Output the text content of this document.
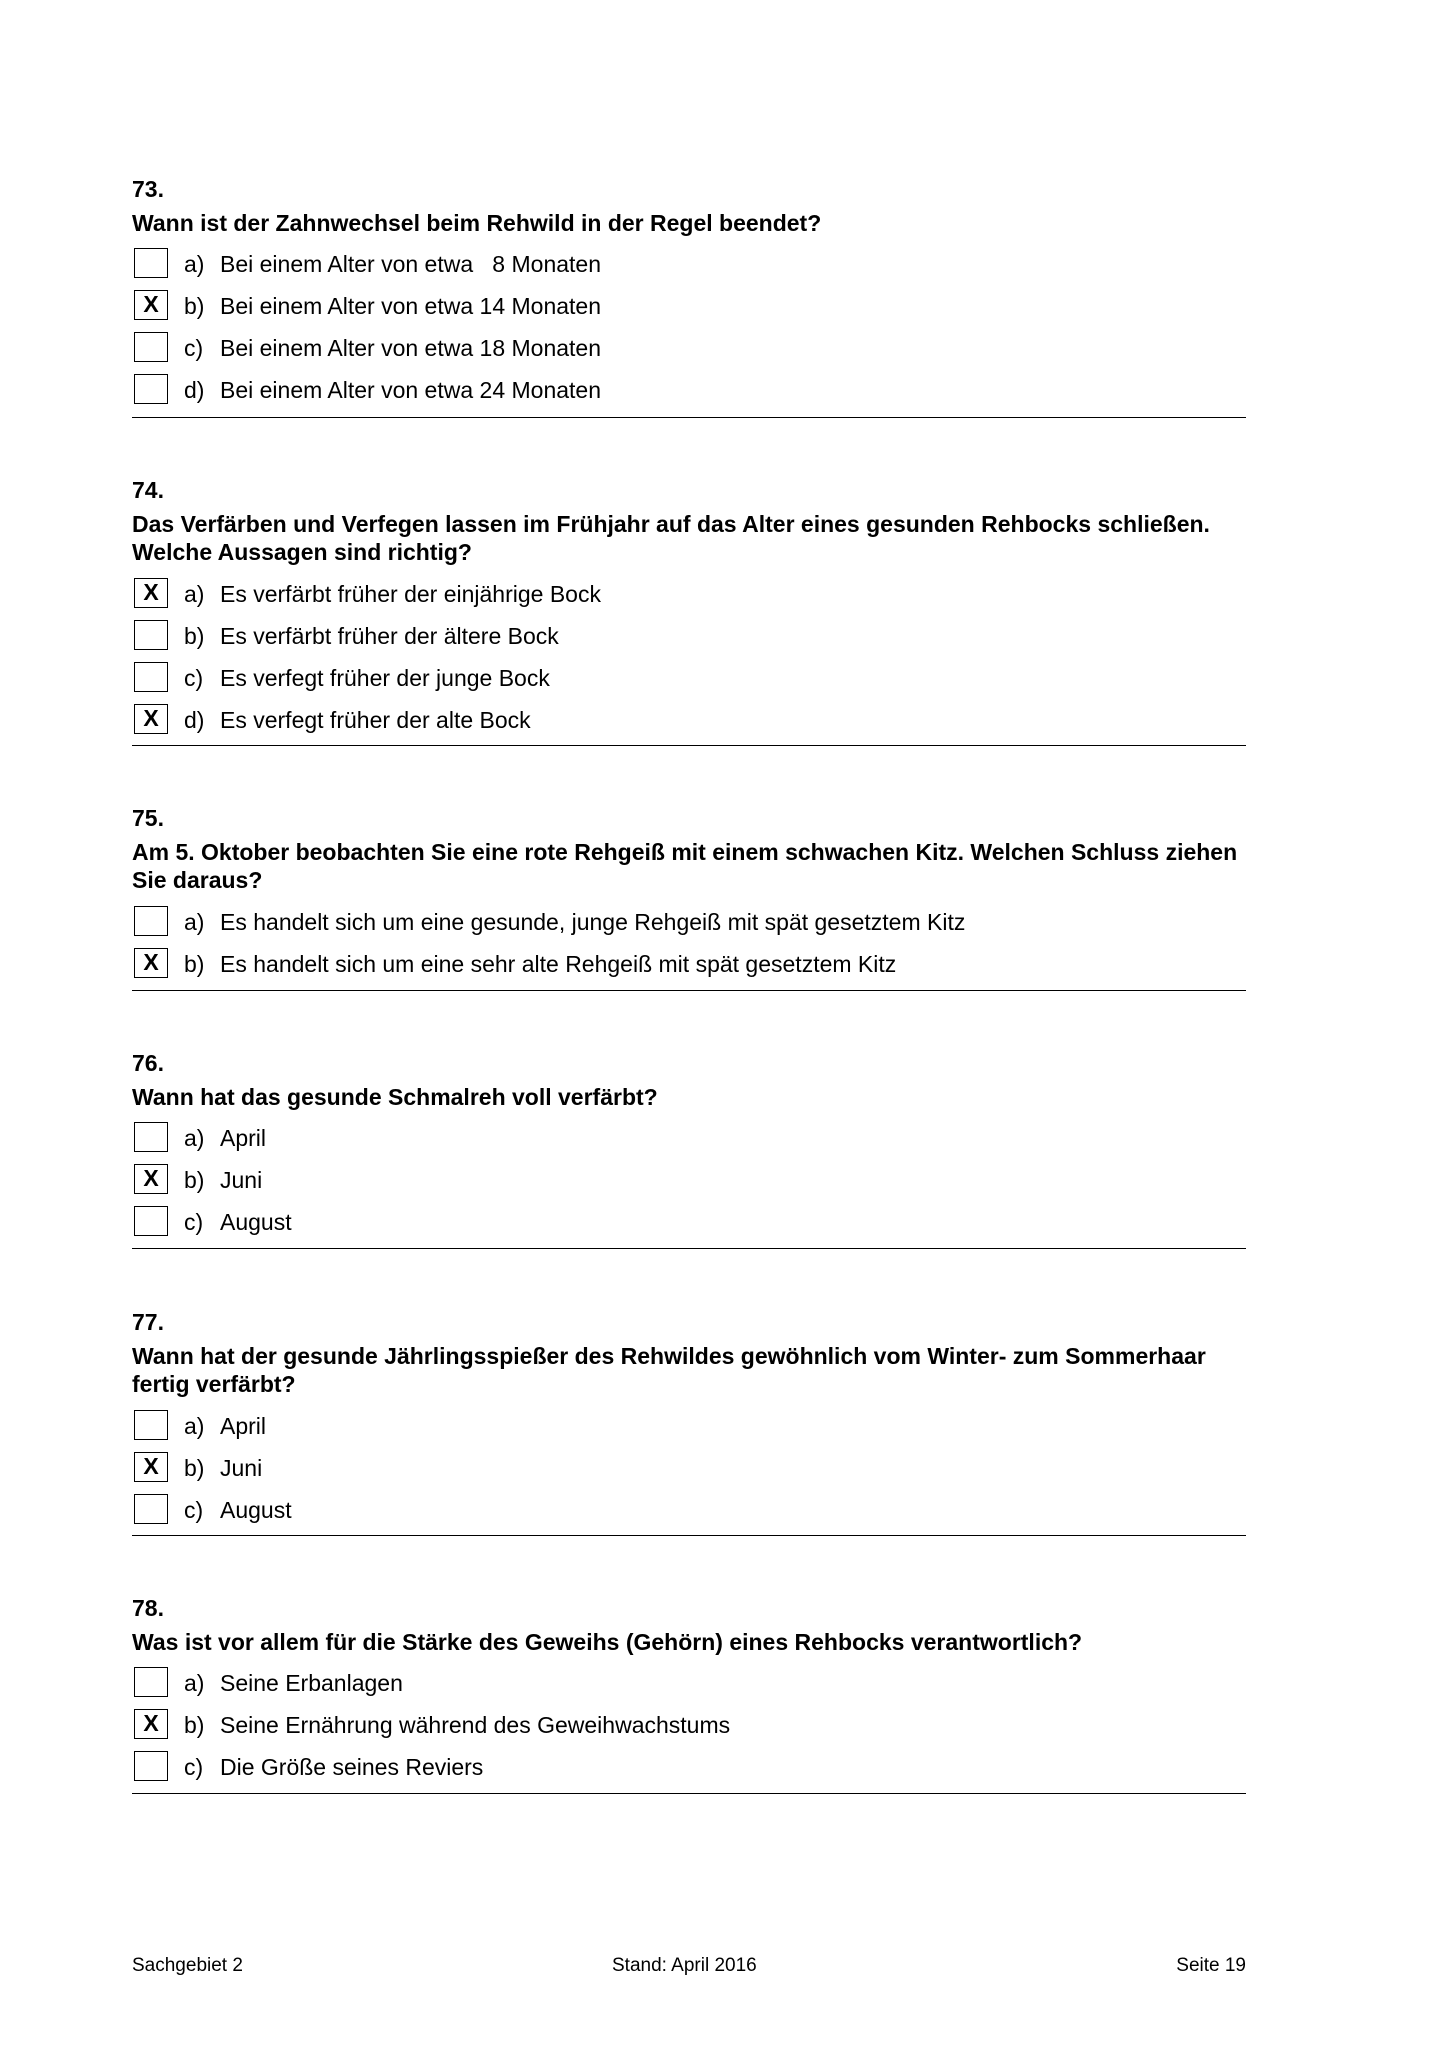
73.
Wann ist der Zahnwechsel beim Rehwild in der Regel beendet?
a) Bei einem Alter von etwa   8 Monaten
X	b) Bei einem Alter von etwa 14 Monaten
c) Bei einem Alter von etwa 18 Monaten
d) Bei einem Alter von etwa 24 Monaten
74.
Das Verfärben und Verfegen lassen im Frühjahr auf das Alter eines gesunden Rehbocks schließen. Welche Aussagen sind richtig?
X	a) Es verfärbt früher der einjährige Bock
b) Es verfärbt früher der ältere Bock
c) Es verfegt früher der junge Bock
X	d) Es verfegt früher der alte Bock
75.
Am 5. Oktober beobachten Sie eine rote Rehgeiß mit einem schwachen Kitz. Welchen Schluss ziehen Sie daraus?
a) Es handelt sich um eine gesunde, junge Rehgeiß mit spät gesetztem Kitz
X	b) Es handelt sich um eine sehr alte Rehgeiß mit spät gesetztem Kitz
76.
Wann hat das gesunde Schmalreh voll verfärbt?
a) April
X	b) Juni
c) August
77.
Wann hat der gesunde Jährlingsspießer des Rehwildes gewöhnlich vom Winter- zum Sommerhaar fertig verfärbt?
a) April
X	b) Juni
c) August
78.
Was ist vor allem für die Stärke des Geweihs (Gehörn) eines Rehbocks verantwortlich?
a) Seine Erbanlagen
X	b) Seine Ernährung während des Geweihwachstums
c) Die Größe seines Reviers
Sachgebiet 2	Stand: April 2016	Seite 19
